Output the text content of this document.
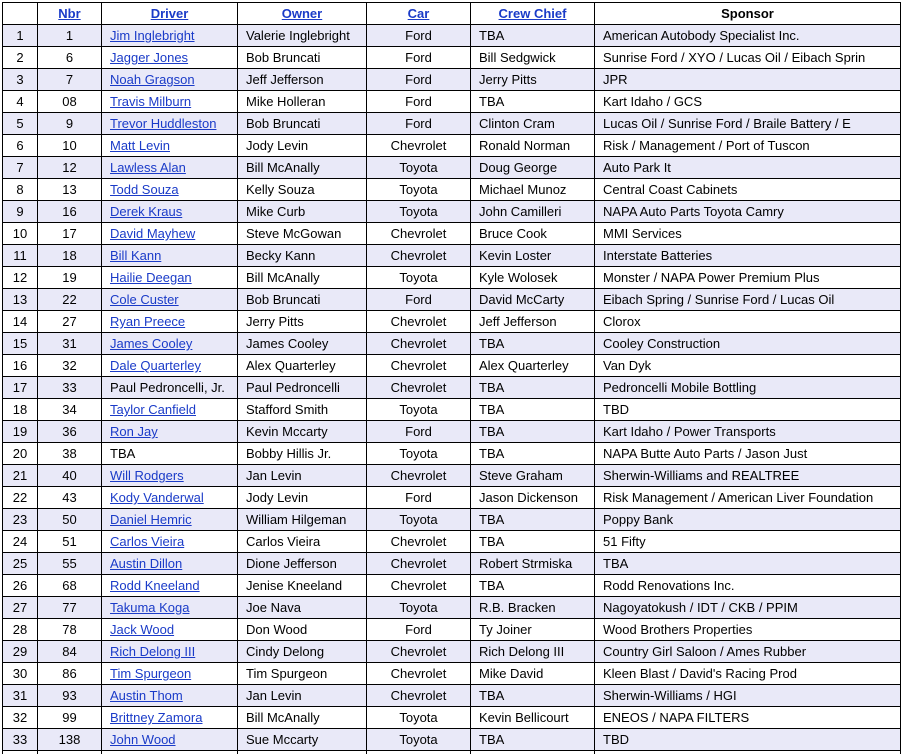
	Nbr	Driver	Owner	Car	Crew Chief	Sponsor
1	1	Jim Inglebright	Valerie Inglebright	Ford	TBA	American Autobody Specialist Inc.
2	6	Jagger Jones	Bob Bruncati	Ford	Bill Sedgwick	Sunrise Ford / XYO / Lucas Oil / Eibach Sprin
3	7	Noah Gragson	Jeff Jefferson	Ford	Jerry Pitts	JPR
4	08	Travis Milburn	Mike Holleran	Ford	TBA	Kart Idaho / GCS
5	9	Trevor Huddleston	Bob Bruncati	Ford	Clinton Cram	Lucas Oil / Sunrise Ford / Braile Battery / E
6	10	Matt Levin	Jody Levin	Chevrolet	Ronald Norman	Risk / Management / Port of Tuscon
7	12	Lawless Alan	Bill McAnally	Toyota	Doug George	Auto Park It
8	13	Todd Souza	Kelly Souza	Toyota	Michael Munoz	Central Coast Cabinets
9	16	Derek Kraus	Mike Curb	Toyota	John Camilleri	NAPA Auto Parts Toyota Camry
10	17	David Mayhew	Steve McGowan	Chevrolet	Bruce Cook	MMI Services
11	18	Bill Kann	Becky Kann	Chevrolet	Kevin Loster	Interstate Batteries
12	19	Hailie Deegan	Bill McAnally	Toyota	Kyle Wolosek	Monster / NAPA Power Premium Plus
13	22	Cole Custer	Bob Bruncati	Ford	David McCarty	Eibach Spring / Sunrise Ford / Lucas Oil
14	27	Ryan Preece	Jerry Pitts	Chevrolet	Jeff Jefferson	Clorox
15	31	James Cooley	James Cooley	Chevrolet	TBA	Cooley Construction
16	32	Dale Quarterley	Alex Quarterley	Chevrolet	Alex Quarterley	Van Dyk
17	33	Paul Pedroncelli, Jr.	Paul Pedroncelli	Chevrolet	TBA	Pedroncelli Mobile Bottling
18	34	Taylor Canfield	Stafford Smith	Toyota	TBA	TBD
19	36	Ron Jay	Kevin Mccarty	Ford	TBA	Kart Idaho / Power Transports
20	38	TBA	Bobby Hillis Jr.	Toyota	TBA	NAPA Butte Auto Parts / Jason Just
21	40	Will Rodgers	Jan Levin	Chevrolet	Steve Graham	Sherwin-Williams and REALTREE
22	43	Kody Vanderwal	Jody Levin	Ford	Jason Dickenson	Risk Management / American Liver Foundation
23	50	Daniel Hemric	William Hilgeman	Toyota	TBA	Poppy Bank
24	51	Carlos Vieira	Carlos Vieira	Chevrolet	TBA	51 Fifty
25	55	Austin Dillon	Dione Jefferson	Chevrolet	Robert Strmiska	TBA
26	68	Rodd Kneeland	Jenise Kneeland	Chevrolet	TBA	Rodd Renovations Inc.
27	77	Takuma Koga	Joe Nava	Toyota	R.B. Bracken	Nagoyatokush / IDT / CKB / PPIM
28	78	Jack Wood	Don Wood	Ford	Ty Joiner	Wood Brothers Properties
29	84	Rich Delong III	Cindy Delong	Chevrolet	Rich Delong III	Country Girl Saloon / Ames Rubber
30	86	Tim Spurgeon	Tim Spurgeon	Chevrolet	Mike David	Kleen Blast / David's Racing Prod
31	93	Austin Thom	Jan Levin	Chevrolet	TBA	Sherwin-Williams / HGI
32	99	Brittney Zamora	Bill McAnally	Toyota	Kevin Bellicourt	ENEOS / NAPA FILTERS
33	138	John Wood	Sue Mccarty	Toyota	TBA	TBD
